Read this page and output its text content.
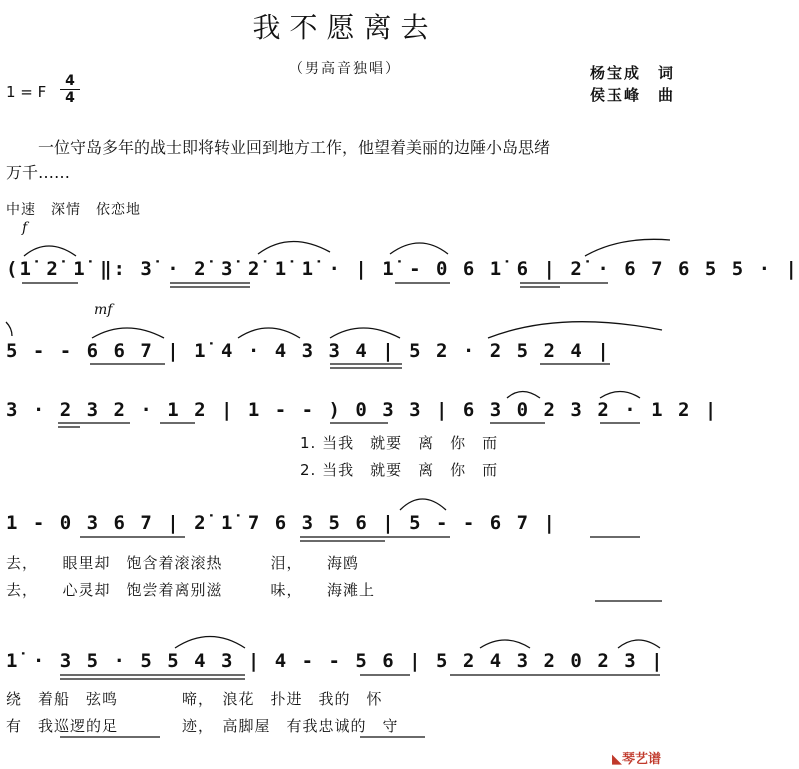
我不愿离去
（男高音独唱）	杨宝成　词
侯玉峰　曲
1 = F
4
4
一位守岛多年的战士即将转业回到地方工作，他望着美丽的边陲小岛思绪
万千……
中速　深情　依恋地
f
mf
(1̇ 2̇ 1̇ ‖: 3̇ · 2̇ 3̇ 2̇ 1̇ 1̇ · | 1̇ - 0 6 1̇ 6 | 2̇ · 6 7 6 5 5 · |
5 - - 6 6 7 | 1̇ 4 · 4 3 3 4 | 5 2 · 2 5 2 4 |
3 · 2 3 2 · 1 2 | 1 - - ) 0 3 3 | 6 3 0 2 3 2 · 1 2 |
1. 当我　就要　离　你　而
2. 当我　就要　离　你　而
1 - 0 3 6 7 | 2̇ 1̇ 7 6 3 5 6 | 5 - - 6 7 |
去，　　眼里却　饱含着滚滚热　　　泪，　　海鸥
去，　　心灵却　饱尝着离别滋　　　味，　　海滩上
1̇ · 3 5 · 5 5 4 3 | 4 - - 5 6 | 5 2 4 3 2 0 2 3 |
绕　着船　弦鸣　　　　啼，　浪花　扑进　我的　怀
有　我巡逻的足　　　　迹，　高脚屋　有我忠诚的　守
◣琴艺谱
